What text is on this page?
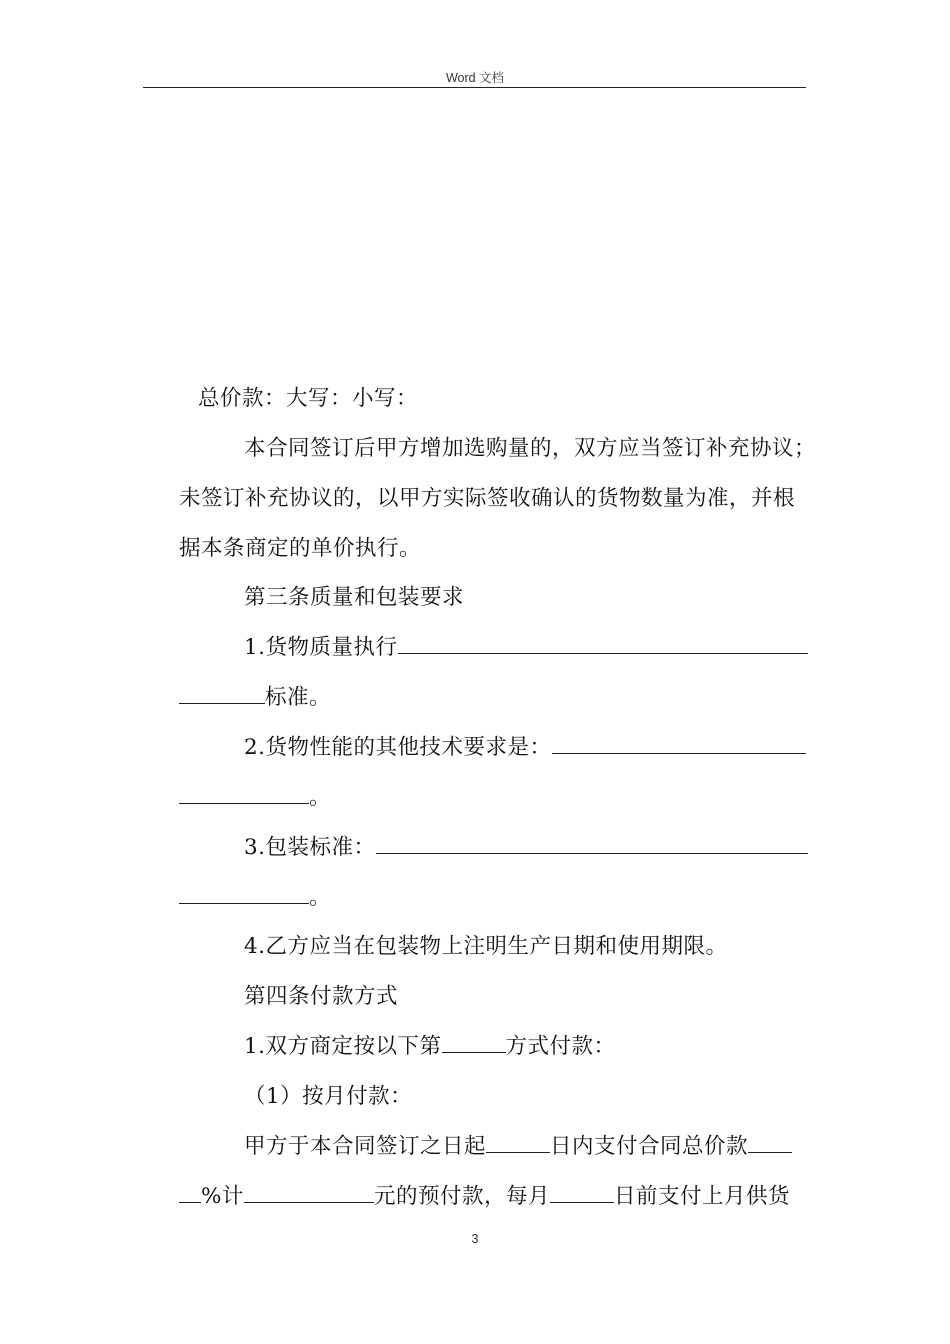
Word 文档
总价款：大写：小写：
本合同签订后甲方增加选购量的，双方应当签订补充协议；
未签订补充协议的，以甲方实际签收确认的货物数量为准，并根
据本条商定的单价执行。
第三条质量和包装要求
1.货物质量执行
标准。
2.货物性能的其他技术要求是：
。
3.包装标准：
。
4.乙方应当在包装物上注明生产日期和使用期限。
第四条付款方式
1.双方商定按以下第	方式付款：
（1）按月付款：
甲方于本合同签订之日起	日内支付合同总价款
%计	元的预付款，每月	日前支付上月供货
3
